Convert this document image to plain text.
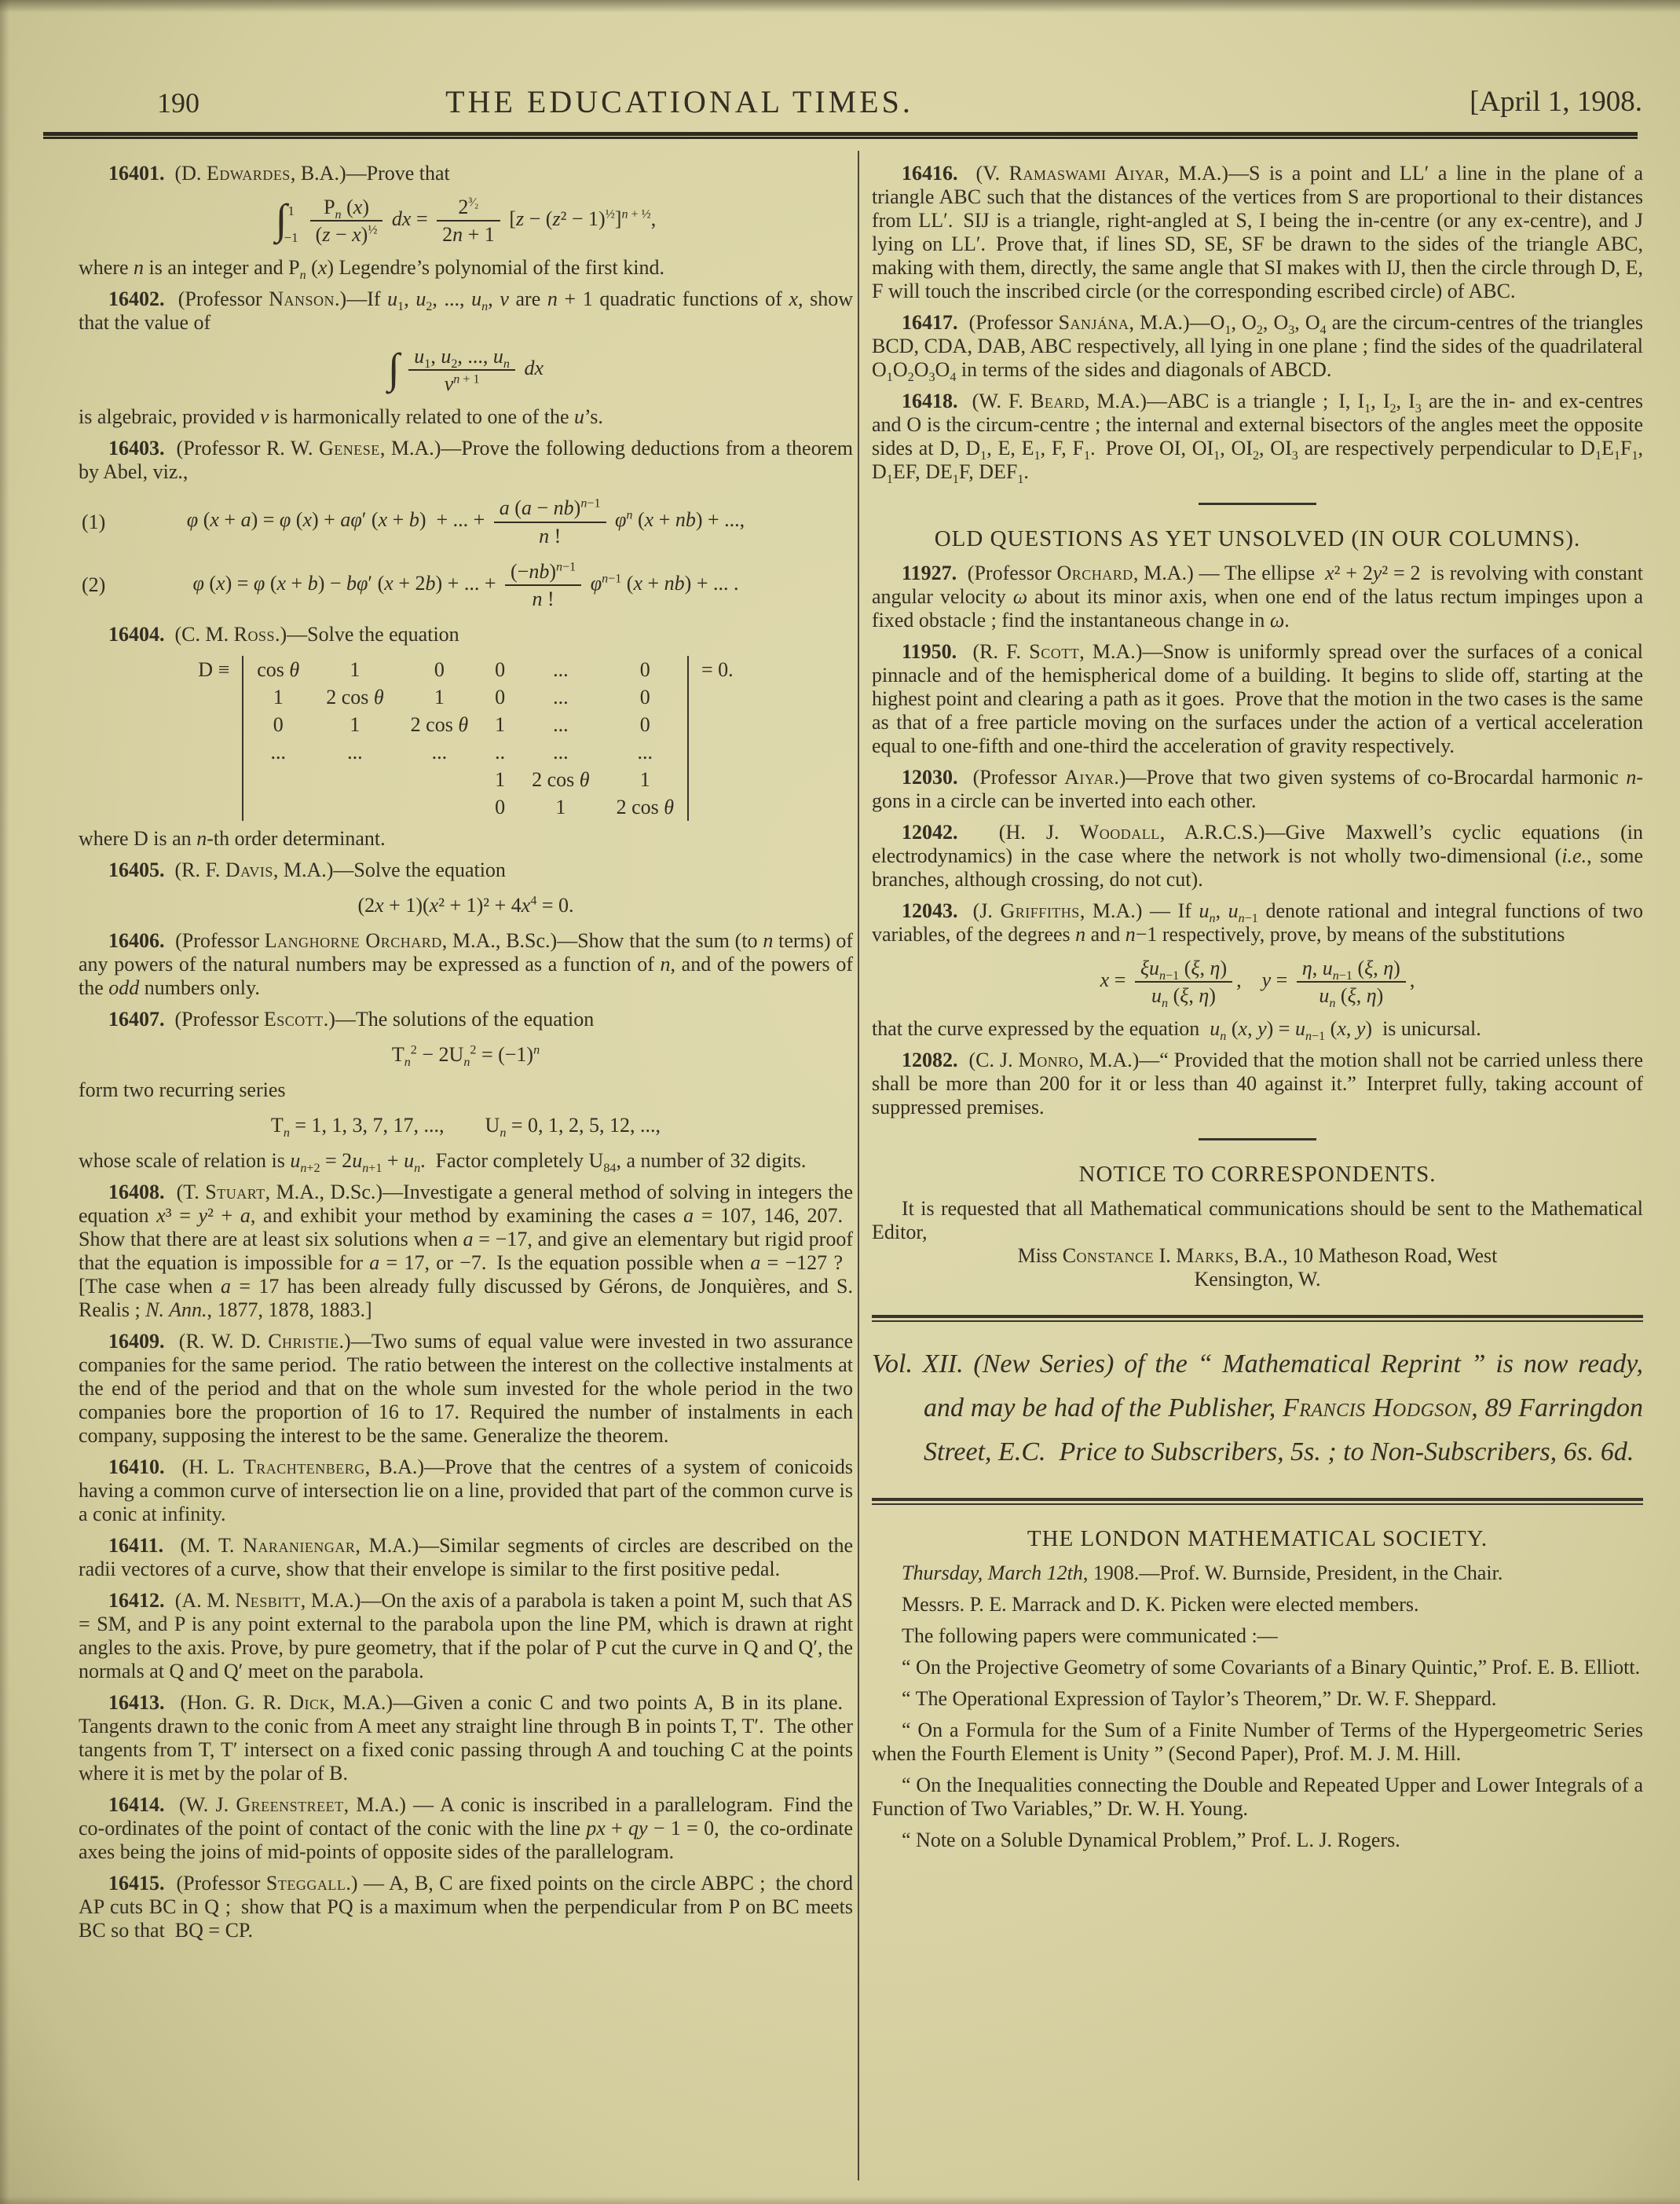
190	THE EDUCATIONAL TIMES.	[April 1, 1908.
16401.  (D. Edwardes, B.A.)—Prove that
∫ 1
$-1 \frac{P_n (x)}{(z - x)^{\frac{1}{2}}}$ dx = $\frac{2^{^3⁄_2}}{2n + 1} [z - (z^2 - 1)^{\frac{1}{2}}]^{n + \frac{1}{2}}$,
where n is an integer and $P_n$ (x) Legendre’s polynomial of the first kind.
16402.  (Professor Nanson.)—If $u_1$, $u_2$, ..., $u_n$, v are n + 1 quadratic functions of x, show that the value of
∫ $\frac{u_1, u_2, ..., u_n}{v^{n + 1}}$ dx
is algebraic, provided v is harmonically related to one of the u’s.
16403.  (Professor R. W. Genese, M.A.)—Prove the following deductions from a theorem by Abel, viz.,
(1)	φ (x + a) = φ (x) + aφ′ (x + b)  + ... + $\frac{a (a - nb)^{n-1}}{n !} \varphi^n$ (x + nb) + ...,
(2)	φ (x) = φ (x + b) − bφ′ (x + 2b) + ... + $\frac{(-nb)^{n-1}}{n !} \varphi^{n-1}$ (x + nb) + ... .
16404.  (C. M. Ross.)—Solve the equation
D ≡ cos θ	1	0	0	...	0
1	2 cos θ	1	0	...	0
0	1	2 cos θ	1	...	0
...	...	...	..	...	...
			1	2 cos θ	1
			0	1	2 cos θ
= 0.
where D is an n-th order determinant.
16405.  (R. F. Davis, M.A.)—Solve the equation
$(2x + 1)(x^2 + 1)^2 + 4x^4 = 0$.
16406.  (Professor Langhorne Orchard, M.A., B.Sc.)—Show that the sum (to n terms) of any powers of the natural numbers may be expressed as a function of n, and of the powers of the odd numbers only.
16407.  (Professor Escott.)—The solutions of the equation
$T_n^2 - 2U_n^2 = (-1)^n$
form two recurring series
$T_n = 1$, 1, 3, 7, 17, ...,  $U_n = 0$, 1, 2, 5, 12, ...,
whose scale of relation is $u_{n+2} = 2u_{n+1} + u_n$. Factor completely $U_{84}$, a number of 32 digits.
16408.  (T. Stuart, M.A., D.Sc.)—Investigate a general method of solving in integers the equation x³ = y² + a, and exhibit your method by examining the cases a = 107, 146, 207. Show that there are at least six solutions when a = −17, and give an elementary but rigid proof that the equation is impossible for a = 17, or −7. Is the equation possible when a = −127 ? [The case when a = 17 has been already fully discussed by Gérons, de Jonquières, and S. Realis ; N. Ann., 1877, 1878, 1883.]
16409.  (R. W. D. Christie.)—Two sums of equal value were invested in two assurance companies for the same period. The ratio between the interest on the collective instalments at the end of the period and that on the whole sum invested for the whole period in the two companies bore the proportion of 16 to 17. Required the number of instalments in each company, supposing the interest to be the same. Generalize the theorem.
16410.  (H. L. Trachtenberg, B.A.)—Prove that the centres of a system of conicoids having a common curve of intersection lie on a line, provided that part of the common curve is a conic at infinity.
16411.  (M. T. Naraniengar, M.A.)—Similar segments of circles are described on the radii vectores of a curve, show that their envelope is similar to the first positive pedal.
16412.  (A. M. Nesbitt, M.A.)—On the axis of a parabola is taken a point M, such that AS = SM, and P is any point external to the parabola upon the line PM, which is drawn at right angles to the axis. Prove, by pure geometry, that if the polar of P cut the curve in Q and Q′, the normals at Q and Q′ meet on the parabola.
16413.  (Hon. G. R. Dick, M.A.)—Given a conic C and two points A, B in its plane. Tangents drawn to the conic from A meet any straight line through B in points T, T′. The other tangents from T, T′ intersect on a fixed conic passing through A and touching C at the points where it is met by the polar of B.
16414.  (W. J. Greenstreet, M.A.) — A conic is inscribed in a parallelogram. Find the co-ordinates of the point of contact of the conic with the line px + qy − 1 = 0, the co-ordinate axes being the joins of mid-points of opposite sides of the parallelogram.
16415.  (Professor Steggall.) — A, B, C are fixed points on the circle ABPC ; the chord AP cuts BC in Q ; show that PQ is a maximum when the perpendicular from P on BC meets BC so that BQ = CP.
16416.  (V. Ramaswami Aiyar, M.A.)—S is a point and LL′ a line in the plane of a triangle ABC such that the distances of the vertices from S are proportional to their distances from LL′. SIJ is a triangle, right-angled at S, I being the in-centre (or any ex-centre), and J lying on LL′. Prove that, if lines SD, SE, SF be drawn to the sides of the triangle ABC, making with them, directly, the same angle that SI makes with IJ, then the circle through D, E, F will touch the inscribed circle (or the corresponding escribed circle) of ABC.
16417.  (Professor Sanjána, $M.A.)—O_1$, $O_2$, $O_3$, $O_4$ are the circum-centres of the triangles BCD, CDA, DAB, ABC respectively, all lying in one plane ; find the sides of the quadrilateral $O_1O_2O_3O_4$ in terms of the sides and diagonals of ABCD.
16418.  (W. F. Beard, M.A.)—ABC is a triangle ; I, $I_1$, $I_2$, $I_3$ are the in- and ex-centres and O is the circum-centre ; the internal and external bisectors of the angles meet the opposite sides at D, $D_1$, E, $E_1$, F, $F_1$. Prove OI, $OI_1$, $OI_2$, $OI_3$ are respectively perpendicular to $D_1E_1F_1$, $D_1EF$, $DE_1F$, $DEF_1$.
OLD QUESTIONS AS YET UNSOLVED (IN OUR COLUMNS).
11927.  (Professor Orchard, M.A.) — The ellipse x² + 2y² = 2 is revolving with constant angular velocity ω about its minor axis, when one end of the latus rectum impinges upon a fixed obstacle ; find the instantaneous change in ω.
11950.  (R. F. Scott, M.A.)—Snow is uniformly spread over the surfaces of a conical pinnacle and of the hemispherical dome of a building. It begins to slide off, starting at the highest point and clearing a path as it goes. Prove that the motion in the two cases is the same as that of a free particle moving on the surfaces under the action of a vertical acceleration equal to one-fifth and one-third the acceleration of gravity respectively.
12030.  (Professor Aiyar.)—Prove that two given systems of co-Brocardal harmonic n-gons in a circle can be inverted into each other.
12042.  (H. J. Woodall, A.R.C.S.)—Give Maxwell’s cyclic equations (in electrodynamics) in the case where the network is not wholly two-dimensional (i.e., some branches, although crossing, do not cut).
12043.  (J. Griffiths, M.A.) — If $u_n$, $u_{n-1}$ denote rational and integral functions of two variables, of the degrees n and n−1 respectively, prove, by means of the substitutions
x =
$\xi u_{n-1}$ (ξ, η)
$u_n$ (ξ, η)
, $y = \frac{\eta, u_{n-1} (\xi, \eta)}{u_n (\xi, \eta)}$ ,
that the curve expressed by the equation $u_n$ (x, $y) = u_{n-1}$ (x, y) is unicursal.
12082.  (C. J. Monro, M.A.)—“ Provided that the motion shall not be carried unless there shall be more than 200 for it or less than 40 against it.” Interpret fully, taking account of suppressed premises.
NOTICE TO CORRESPONDENTS.
It is requested that all Mathematical communications should be sent to the Mathematical Editor,
Miss Constance I. Marks, B.A., 10 Matheson Road, West
Kensington, W.
Vol. XII. (New Series) of the “ Mathematical Reprint ” is now ready, and may be had of the Publisher, Francis Hodgson, 89 Farringdon Street, E.C. Price to Subscribers, 5s. ; to Non-Subscribers, 6s. 6d.
THE LONDON MATHEMATICAL SOCIETY.
Thursday, March 12th, 1908.—Prof. W. Burnside, President, in the Chair.
Messrs. P. E. Marrack and D. K. Picken were elected members.
The following papers were communicated :—
“ On the Projective Geometry of some Covariants of a Binary Quintic,” Prof. E. B. Elliott.
“ The Operational Expression of Taylor’s Theorem,” Dr. W. F. Sheppard.
“ On a Formula for the Sum of a Finite Number of Terms of the Hypergeometric Series when the Fourth Element is Unity ” (Second Paper), Prof. M. J. M. Hill.
“ On the Inequalities connecting the Double and Repeated Upper and Lower Integrals of a Function of Two Variables,” Dr. W. H. Young.
“ Note on a Soluble Dynamical Problem,” Prof. L. J. Rogers.
